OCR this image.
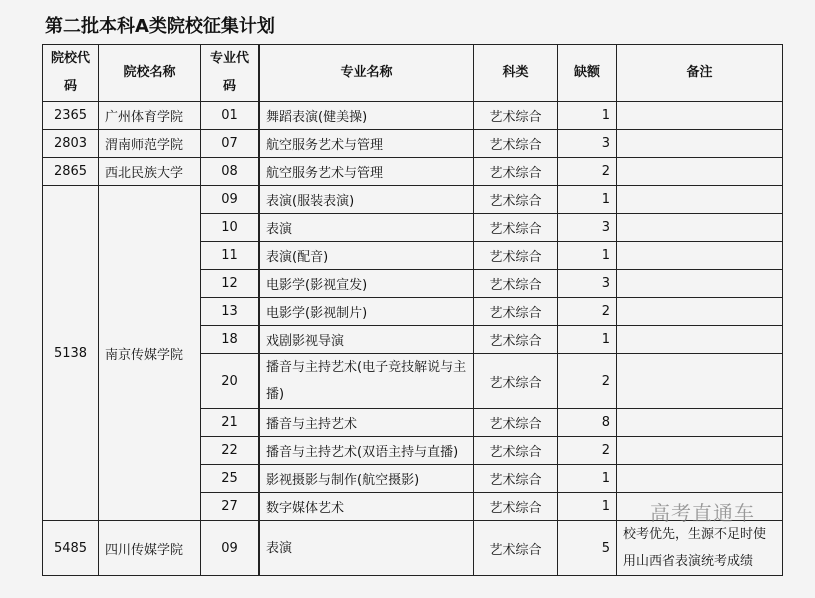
第二批本科A类院校征集计划
院校代码	院校名称	专业代码	专业名称	科类	缺额	备注
2365	广州体育学院	01	舞蹈表演(健美操)	艺术综合	1	
2803	渭南师范学院	07	航空服务艺术与管理	艺术综合	3	
2865	西北民族大学	08	航空服务艺术与管理	艺术综合	2	
5138	南京传媒学院	09	表演(服装表演)	艺术综合	1	
		10	表演	艺术综合	3	
		11	表演(配音)	艺术综合	1	
		12	电影学(影视宣发)	艺术综合	3	
		13	电影学(影视制片)	艺术综合	2	
		18	戏剧影视导演	艺术综合	1	
		20	播音与主持艺术(电子竞技解说与主播)	艺术综合	2	
		21	播音与主持艺术	艺术综合	8	
		22	播音与主持艺术(双语主持与直播)	艺术综合	2	
		25	影视摄影与制作(航空摄影)	艺术综合	1	
		27	数字媒体艺术	艺术综合	1	
5485	四川传媒学院	09	表演	艺术综合	5	校考优先，生源不足时使用山西省表演统考成绩
高考直通车
